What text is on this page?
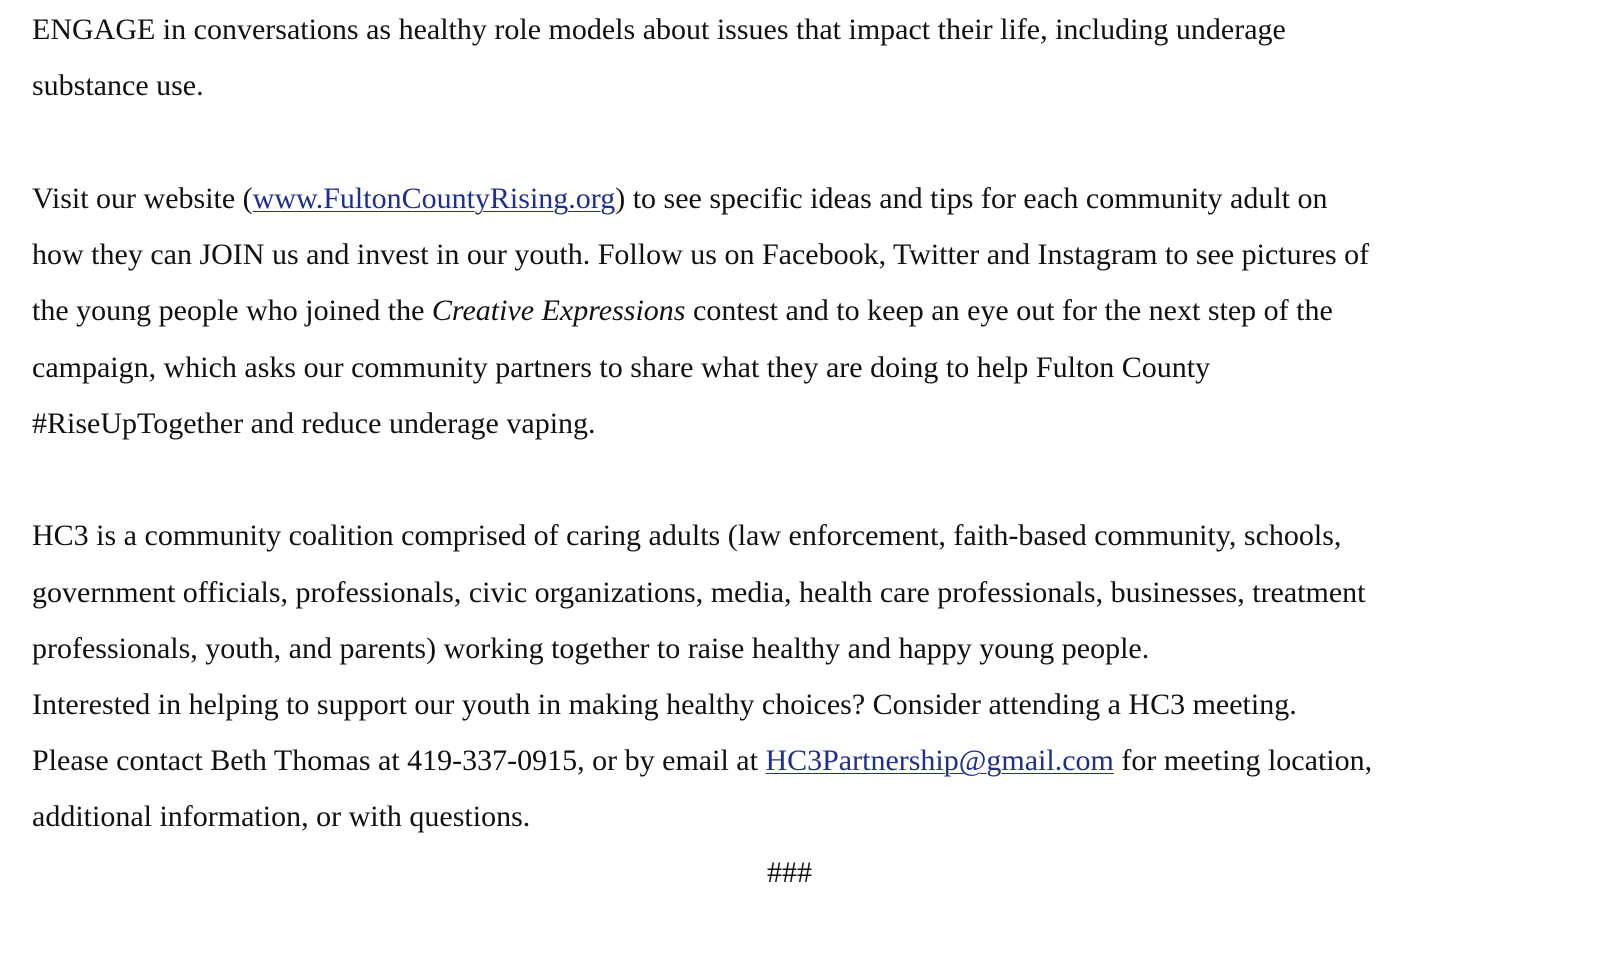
ENGAGE in conversations as healthy role models about issues that impact their life, including underage
substance use.
Visit our website (www.FultonCountyRising.org) to see specific ideas and tips for each community adult on
how they can JOIN us and invest in our youth. Follow us on Facebook, Twitter and Instagram to see pictures of
the young people who joined the Creative Expressions contest and to keep an eye out for the next step of the
campaign, which asks our community partners to share what they are doing to help Fulton County
#RiseUpTogether and reduce underage vaping.
HC3 is a community coalition comprised of caring adults (law enforcement, faith-based community, schools,
government officials, professionals, civic organizations, media, health care professionals, businesses, treatment
professionals, youth, and parents) working together to raise healthy and happy young people.
Interested in helping to support our youth in making healthy choices? Consider attending a HC3 meeting.
Please contact Beth Thomas at 419-337-0915, or by email at HC3Partnership@gmail.com for meeting location,
additional information, or with questions.
###
